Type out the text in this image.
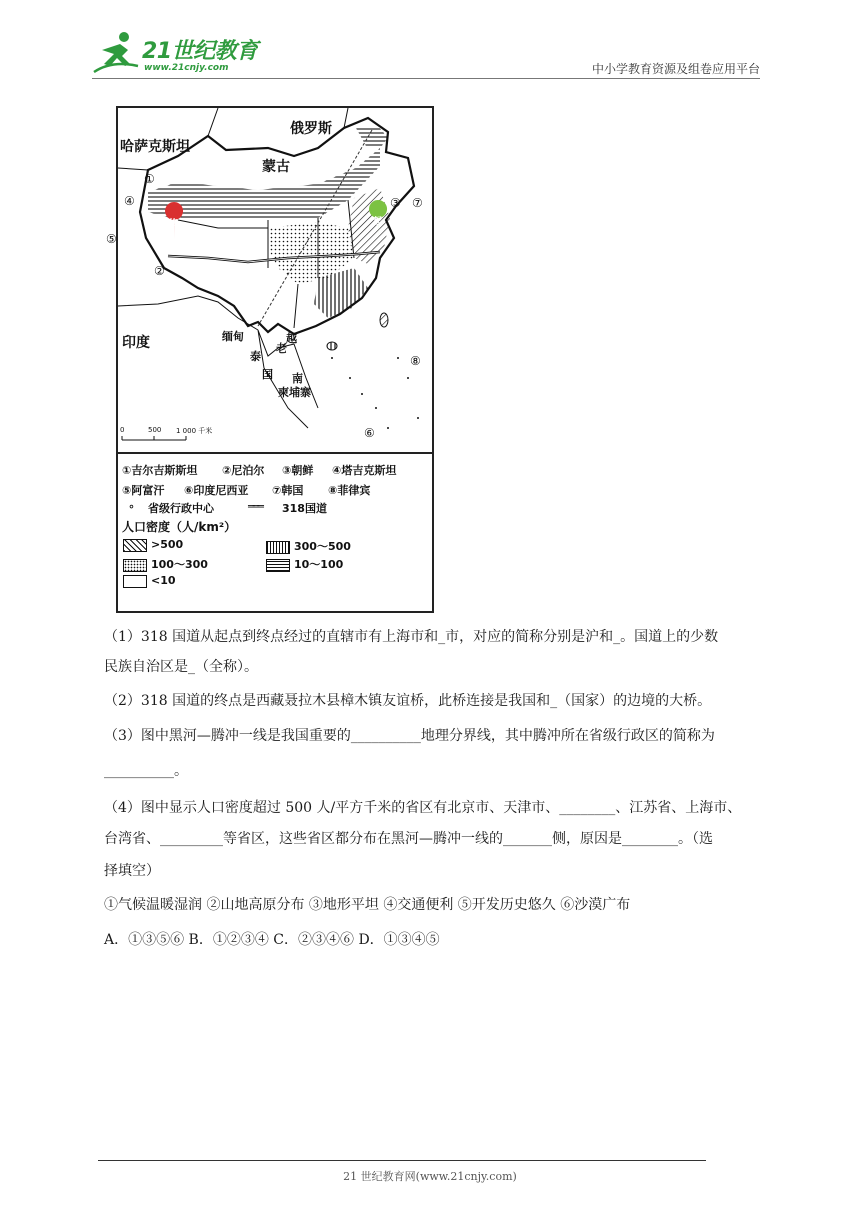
21世纪教育
www.21cnjy.com	中小学教育资源及组卷应用平台
哈萨克斯坦
俄罗斯
蒙古
印度	缅甸
泰
国
老
越
南
柬埔寨
终	起
①
②
③
④
⑤
⑥
⑦
⑧
0	500 1 000 千米
①吉尔吉斯斯坦 ②尼泊尔 ③朝鲜 ④塔吉克斯坦
⑤阿富汗 ⑥印度尼西亚 ⑦韩国 ⑧菲律宾
∘ 省级行政中心	═══ 318国道
人口密度（人/km²）
>500	300～500
100～300	10～100
<10
（1）318 国道从起点到终点经过的直辖市有上海市和_市，对应的简称分别是沪和_。国道上的少数
民族自治区是_（全称）。
（2）318 国道的终点是西藏聂拉木县樟木镇友谊桥，此桥连接是我国和_（国家）的边境的大桥。
（3）图中黑河—腾冲一线是我国重要的__________地理分界线，其中腾冲所在省级行政区的简称为
__________。
（4）图中显示人口密度超过 500 人/平方千米的省区有北京市、天津市、________、江苏省、上海市、
台湾省、_________等省区，这些省区都分布在黑河—腾冲一线的_______侧，原因是________。（选
择填空）
①气候温暖湿润 ②山地高原分布 ③地形平坦 ④交通便利 ⑤开发历史悠久 ⑥沙漠广布
A．①③⑤⑥ B．①②③④ C．②③④⑥ D．①③④⑤
21 世纪教育网(www.21cnjy.com)
